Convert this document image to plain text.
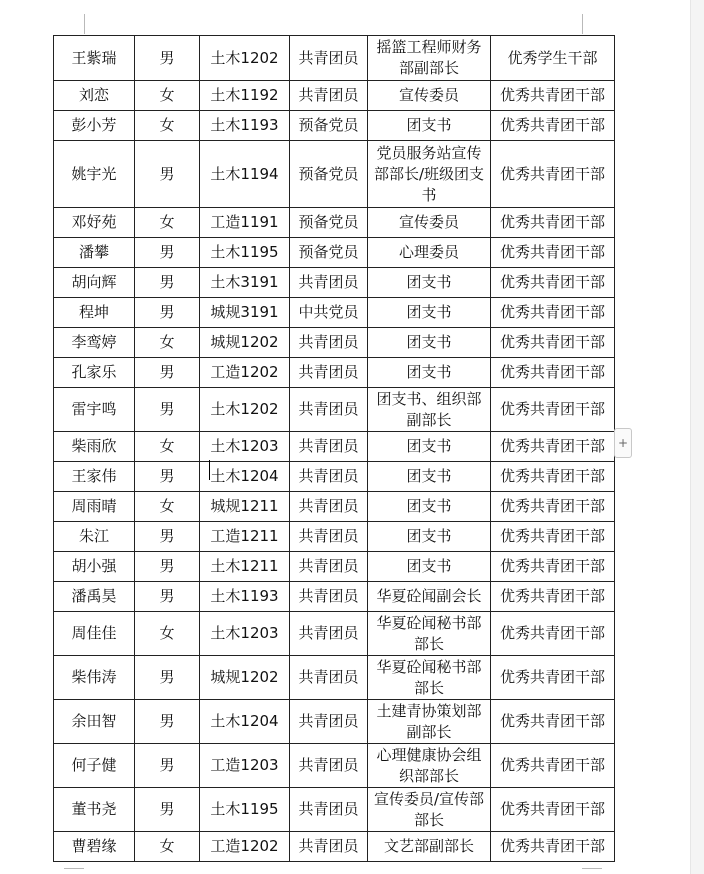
王紫瑞	男	土木1202	共青团员	摇篮工程师财务部副部长	优秀学生干部
刘恋	女	土木1192	共青团员	宣传委员	优秀共青团干部
彭小芳	女	土木1193	预备党员	团支书	优秀共青团干部
姚宇光	男	土木1194	预备党员	党员服务站宣传部部长/班级团支书	优秀共青团干部
邓妤苑	女	工造1191	预备党员	宣传委员	优秀共青团干部
潘攀	男	土木1195	预备党员	心理委员	优秀共青团干部
胡向辉	男	土木3191	共青团员	团支书	优秀共青团干部
程坤	男	城规3191	中共党员	团支书	优秀共青团干部
李鸾婷	女	城规1202	共青团员	团支书	优秀共青团干部
孔家乐	男	工造1202	共青团员	团支书	优秀共青团干部
雷宇鸣	男	土木1202	共青团员	团支书、组织部副部长	优秀共青团干部
柴雨欣	女	土木1203	共青团员	团支书	优秀共青团干部
王家伟	男	土木1204	共青团员	团支书	优秀共青团干部
周雨晴	女	城规1211	共青团员	团支书	优秀共青团干部
朱江	男	工造1211	共青团员	团支书	优秀共青团干部
胡小强	男	土木1211	共青团员	团支书	优秀共青团干部
潘禹昊	男	土木1193	共青团员	华夏砼闻副会长	优秀共青团干部
周佳佳	女	土木1203	共青团员	华夏砼闻秘书部部长	优秀共青团干部
柴伟涛	男	城规1202	共青团员	华夏砼闻秘书部部长	优秀共青团干部
余田智	男	土木1204	共青团员	土建青协策划部副部长	优秀共青团干部
何子健	男	工造1203	共青团员	心理健康协会组织部部长	优秀共青团干部
董书尧	男	土木1195	共青团员	宣传委员/宣传部部长	优秀共青团干部
曹碧缘	女	工造1202	共青团员	文艺部副部长	优秀共青团干部
+
